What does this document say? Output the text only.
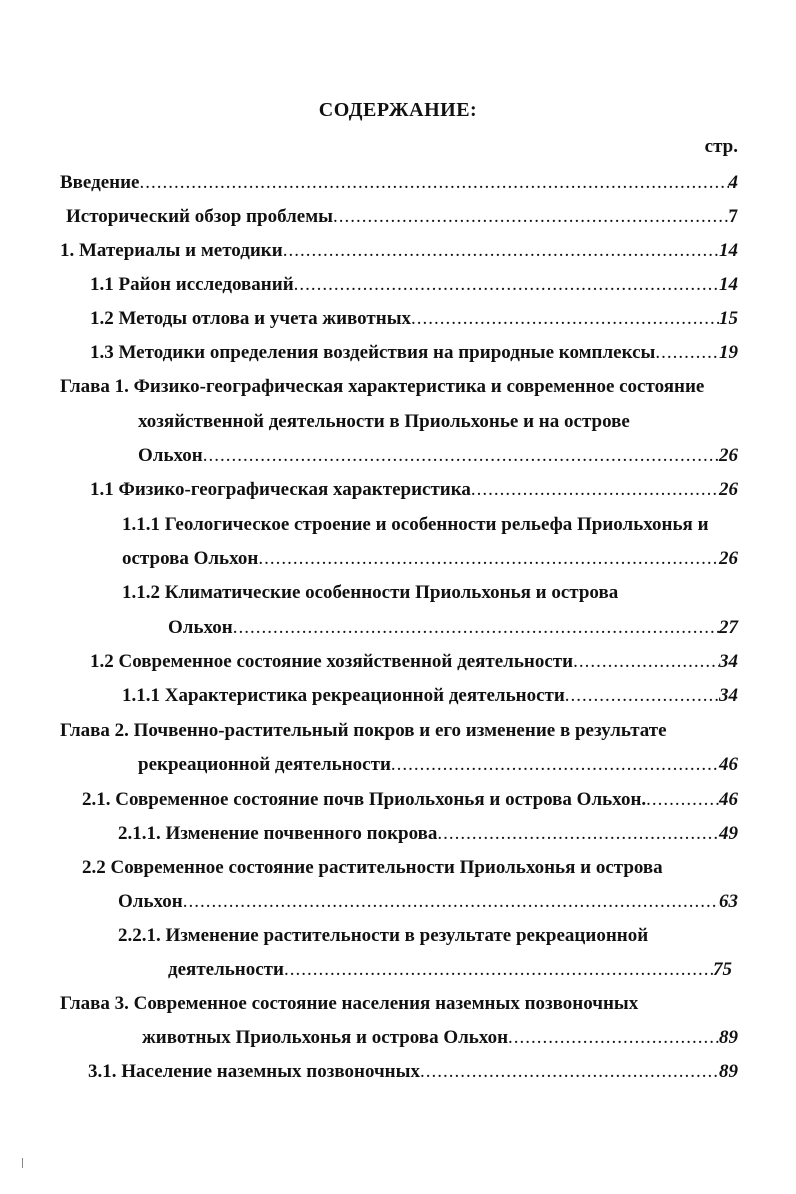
СОДЕРЖАНИЕ:
стр.
Введение .....	4
Исторический обзор проблемы .....	7
1. Материалы и методики .....	14
1.1 Район исследований .....	14
1.2 Методы отлова и учета животных .....	15
1.3 Методики определения воздействия на природные комплексы .....	19
Глава 1. Физико-географическая характеристика и современное состояние
хозяйственной деятельности в Приольхонье и на острове
Ольхон .....	26
1.1 Физико-географическая характеристика .....	26
1.1.1 Геологическое строение и особенности рельефа Приольхонья и
острова Ольхон .....	26
1.1.2 Климатические особенности Приольхонья и острова
Ольхон .....	27
1.2 Современное состояние хозяйственной деятельности .....	34
1.1.1 Характеристика рекреационной деятельности .....	34
Глава 2. Почвенно-растительный покров и его изменение в результате
рекреационной деятельности .....	46
2.1. Современное состояние почв Приольхонья и острова Ольхон. .....	46
2.1.1. Изменение почвенного покрова .....	49
2.2 Современное состояние растительности Приольхонья и острова
Ольхон .....	63
2.2.1. Изменение растительности в результате рекреационной
деятельности .....	75
Глава 3. Современное состояние населения наземных позвоночных
животных Приольхонья и острова Ольхон .....	89
3.1. Население наземных позвоночных .....	89
